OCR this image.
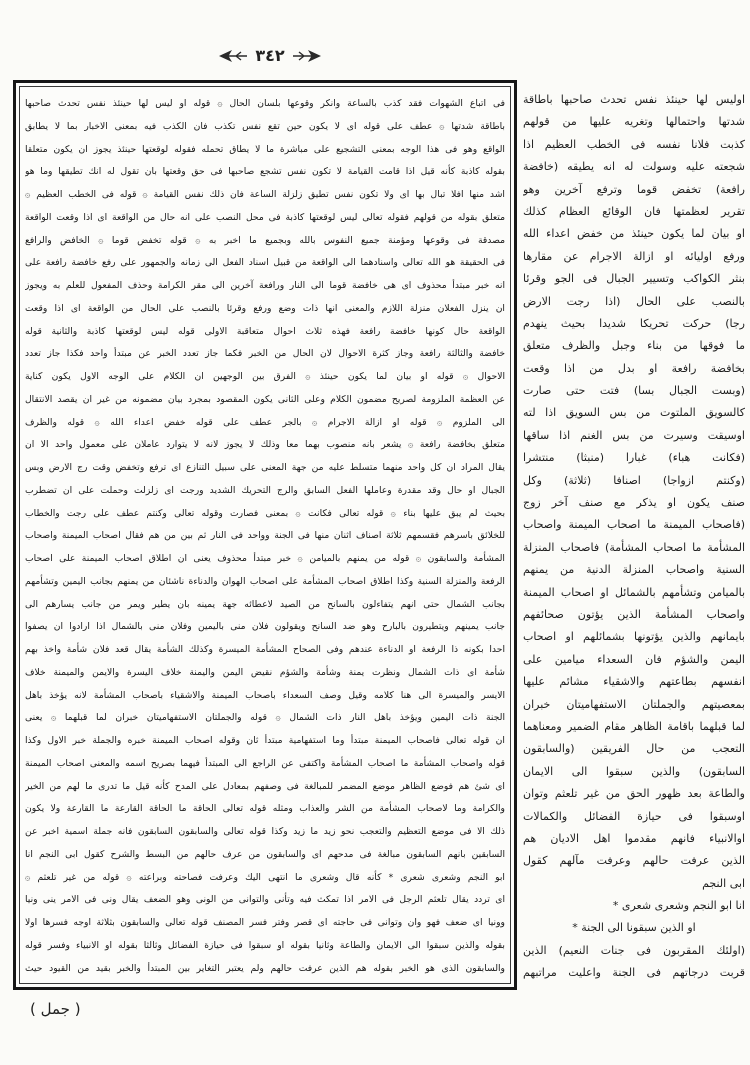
٣٤٢
اوليس لها حينئذ نفس تحدث صاحبها باطاقة
شدتها واحتمالها وتغريه عليها من قولهم
كذبت فلانا نفسه فى الخطب العظيم اذا
شجعته عليه وسولت له انه يطيقه (خافضة
رافعة) تخفض قوما وترفع آخرين وهو
تقرير لعظمتها فان الوقائع العظام كذلك
او بيان لما يكون حينئذ من خفض اعداء الله
ورفع اوليائه او ازالة الاجرام عن مقارها
بنثر الكواكب وتسيير الجبال فى الجو وقرئا
بالنصب على الحال (اذا رجت الارض
رجا) حركت تحريكا شديدا بحيث ينهدم
ما فوقها من بناء وجبل والظرف متعلق
بخافضة رافعة او بدل من اذا وقعت
(وبست الجبال بسا) فتت حتى صارت
كالسويق الملتوت من بس السويق اذا لته
اوسيقت وسيرت من بس الغنم اذا ساقها
(فكانت هباء) غبارا (منبثا) منتشرا
(وكنتم ازواجا) اصنافا (ثلاثة) وكل
صنف يكون او يذكر مع صنف آخر زوج
(فاصحاب الميمنة ما اصحاب الميمنة واصحاب
المشأمة ما اصحاب المشأمة) فاصحاب المنزلة
السنية واصحاب المنزلة الدنية من يمنهم
بالميامن وتشأمهم بالشمائل او اصحاب الميمنة
واصحاب المشأمة الذين يؤتون صحائفهم
بايمانهم والذين يؤتونها بشمائلهم او اصحاب
اليمن والشؤم فان السعداء ميامين على
انفسهم بطاعتهم والاشقياء مشائم عليها
بمعصيتهم والجملتان الاستفهاميتان خبران
لما قبلهما باقامة الظاهر مقام الضمير ومعناهما
التعجب من حال الفريقين (والسابقون
السابقون) والذين سبقوا الى الايمان
والطاعة بعد ظهور الحق من غير تلعثم وتوان
اوسبقوا فى حيازة الفضائل والكمالات
اوالانبياء فانهم مقدموا اهل الاديان هم
الذين عرفت حالهم وعرفت مآلهم كقول
ابى النجم
انا ابو النجم وشعرى شعرى *
او الذين سبقونا الى الجنة *
(اولئك المقربون فى جنات النعيم) الذين
قربت درجاتهم فى الجنة واعليت مراتبهم
فى اتباع الشهوات فقد كذب بالساعة وانكر وقوعها بلسان الحال ۞ قوله او ليس لها حينئذ نفس تحدث صاحبها
باطاقة شدتها ۞ عطف على قوله اى لا يكون حين تقع نفس تكذب فان الكذب فيه بمعنى الاخبار بما لا يطابق
الواقع وهو فى هذا الوجه بمعنى التشجيع على مباشرة ما لا يطاق تحمله فقوله لوقعتها حينئذ يجوز ان يكون متعلقا
بقوله كاذبة كأنه قيل اذا قامت القيامة لا تكون نفس تشجع صاحبها فى حق وقعتها بان تقول له انك تطيقها وما هو
اشد منها افلا تبال بها اى ولا تكون نفس تطيق زلزلة الساعة فان ذلك نفس القيامة ۞ قوله فى الخطب العظيم ۞
متعلق بقوله من قولهم فقوله تعالى ليس لوقعتها كاذبة فى محل النصب على انه حال من الواقعة اى اذا وقعت الواقعة
مصدقة فى وقوعها ومؤمنة جميع النفوس بالله وبجميع ما اخبر به ۞ قوله تخفض قوما ۞ الخافض والرافع
فى الحقيقة هو الله تعالى واسنادهما الى الواقعة من قبيل اسناد الفعل الى زمانه والجمهور على رفع خافضة رافعة على
انه خبر مبتدأ محذوف اى هى خافضة قوما الى النار ورافعة آخرين الى مقر الكرامة وحذف المفعول للعلم به ويجوز
ان ينزل الفعلان منزلة اللازم والمعنى انها ذات وضع ورفع وقرئا بالنصب على الحال من الواقعة اى اذا وقعت
الواقعة حال كونها خافضة رافعة فهذه ثلاث احوال متعاقبة الاولى قوله ليس لوقعتها كاذبة والثانية قوله
خافضة والثالثة رافعة وجاز كثرة الاحوال لان الحال من الخبر فكما جاز تعدد الخبر عن مبتدأ واحد فكذا جاز تعدد
الاحوال ۞ قوله او بيان لما يكون حينئذ ۞ الفرق بين الوجهين ان الكلام على الوجه الاول يكون كناية
عن العظمة الملزومة لصريح مضمون الكلام وعلى الثانى يكون المقصود بمجرد بيان مضمونه من غير ان يقصد الانتقال
الى الملزوم ۞ قوله او ازالة الاجرام ۞ بالجر عطف على قوله خفض اعداء الله ۞ قوله والظرف
متعلق بخافضة رافعة ۞ يشعر بانه منصوب بهما معا وذلك لا يجوز لانه لا يتوارد عاملان على معمول واحد الا ان
يقال المراد ان كل واحد منهما متسلط عليه من جهة المعنى على سبيل التنازع اى ترفع وتخفض وقت رج الارض وبس
الجبال او حال وقد مقدرة وعاملها الفعل السابق والرج التحريك الشديد ورجت اى زلزلت وحملت على ان تضطرب
بحيث لم يبق عليها بناء ۞ قوله تعالى فكانت ۞ بمعنى فصارت وقوله تعالى وكنتم عطف على رجت والخطاب
للخلائق باسرهم فقسمهم ثلاثة اصناف اثنان منها فى الجنة وواحد فى النار ثم بين من هم فقال اصحاب الميمنة واصحاب
المشأمة والسابقون ۞ قوله من يمنهم بالميامن ۞ خبر مبتدأ محذوف يعنى ان اطلاق اصحاب الميمنة على اصحاب
الرفعة والمنزلة السنية وكذا اطلاق اصحاب المشأمة على اصحاب الهوان والدناءة ناشئان من يمنهم بجانب اليمين وتشأمهم
بجانب الشمال حتى انهم يتفاءلون بالسانح من الصيد لاعطائه جهة يمينه بان يطير ويمر من جانب يسارهم الى
جانب يمينهم ويتطيرون بالبارح وهو ضد السانح ويقولون فلان منى باليمين وفلان منى بالشمال اذا ارادوا ان يصفوا
احدا بكونه ذا الرفعة او الدناءة عندهم وفى الصحاح المشأمة الميسرة وكذلك الشأمة يقال قعد فلان شأمة واخذ بهم
شأمة اى ذات الشمال ونظرت يمنة وشأمة والشؤم نقيض اليمن واليمنة خلاف اليسرة والايمن والميمنة خلاف
الايسر والميسرة الى هنا كلامه وقيل وصف السعداء باصحاب الميمنة والاشقياء باصحاب المشأمة لانه يؤخذ باهل
الجنة ذات اليمين ويؤخذ باهل النار ذات الشمال ۞ قوله والجملتان الاستفهاميتان خبران لما قبلهما ۞ يعنى
ان قوله تعالى فاصحاب الميمنة مبتدأ وما استفهامية مبتدأ ثان وقوله اصحاب الميمنة خبره والجملة خبر الاول وكذا
قوله واصحاب المشأمة ما اصحاب المشأمة واكتفى عن الراجع الى المبتدأ فيهما بصريح اسمه والمعنى اصحاب الميمنة
اى شئ هم فوضع الظاهر موضع المضمر للمبالغة فى وصفهم بمعادل على المدح كأنه قيل ما تدرى ما لهم من الخير
والكرامة وما لاصحاب المشأمة من الشر والعذاب ومثله قوله تعالى الحاقة ما الحاقة القارعة ما القارعة ولا يكون
ذلك الا فى موضع التعظيم والتعجب نحو زيد ما زيد وكذا قوله تعالى والسابقون السابقون فانه جملة اسمية اخبر عن
السابقين بانهم السابقون مبالغة فى مدحهم اى والسابقون من عرف حالهم من البسط والشرح كقول ابى النجم انا
ابو النجم وشعرى شعرى * كأنه قال وشعرى ما انتهى اليك وعرفت فصاحته وبراعته ۞ قوله من غير تلعثم ۞
اى تردد يقال تلعثم الرجل فى الامر اذا تمكث فيه وتأنى والتوانى من الونى وهو الضعف يقال ونى فى الامر ينى ونيا
وونيا اى ضعف فهو وان وتوانى فى حاجته اى قصر وفتر فسر المصنف قوله تعالى والسابقون بثلاثة اوجه فسرها اولا
بقوله والذين سبقوا الى الايمان والطاعة وثانيا بقوله او سبقوا فى حيازة الفضائل وثالثا بقوله او الانبياء وفسر قوله
والسابقون الذى هو الخبر بقوله هم الذين عرفت حالهم ولم يعتبر التغاير بين المبتدأ والخبر بقيد من القيود حيث
( جمل )
